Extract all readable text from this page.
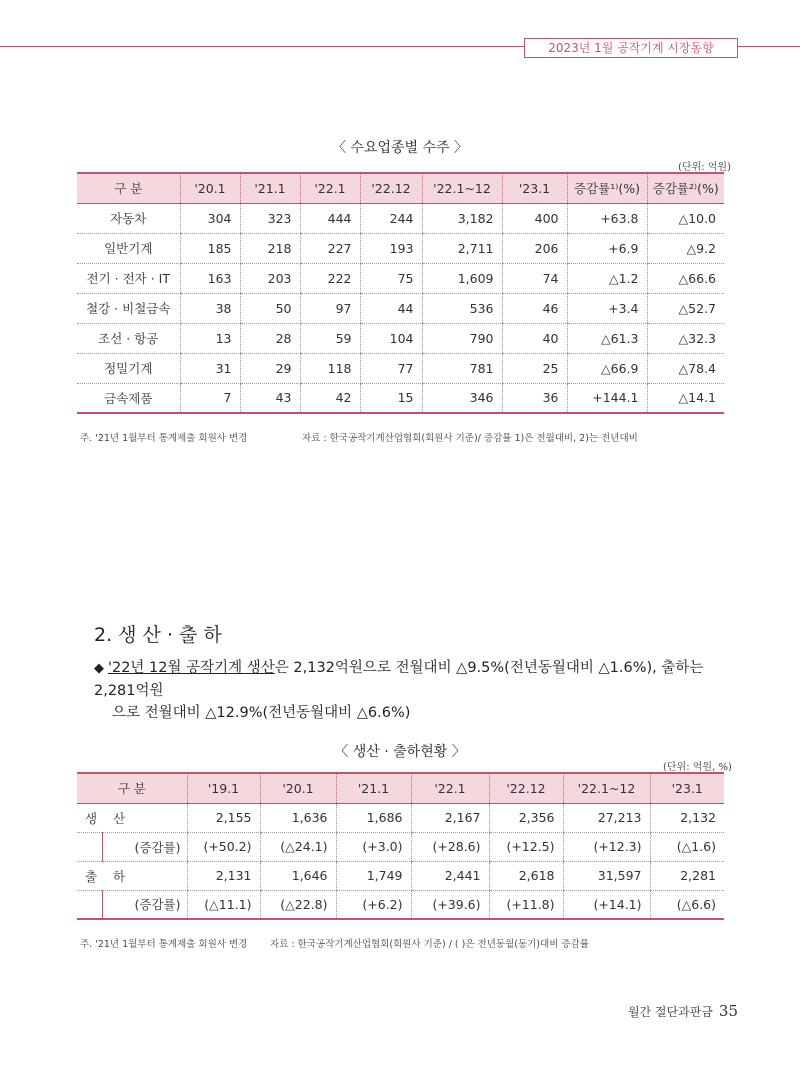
2023년 1월 공작기계 시장동향
〈 수요업종별 수주 〉
(단위: 억원)
구 분	'20.1	'21.1	'22.1	'22.12	'22.1~12	'23.1	증감률¹⁾(%)	증감률²⁾(%)
자동차	304	323	444	244	3,182	400	+63.8	△10.0
일반기계	185	218	227	193	2,711	206	+6.9	△9.2
전기 · 전자 · IT	163	203	222	75	1,609	74	△1.2	△66.6
철강 · 비철금속	38	50	97	44	536	46	+3.4	△52.7
조선 · 항공	13	28	59	104	790	40	△61.3	△32.3
정밀기계	31	29	118	77	781	25	△66.9	△78.4
금속제품	7	43	42	15	346	36	+144.1	△14.1
주. '21년 1월부터 통계제출 회원사 변경	자료 : 한국공작기계산업협회(회원사 기준)/ 증감률 1)은 전월대비, 2)는 전년대비
2. 생 산 · 출 하
◆ '22년 12월 공작기계 생산은 2,132억원으로 전월대비 △9.5%(전년동월대비 △1.6%), 출하는 2,281억원
으로 전월대비 △12.9%(전년동월대비 △6.6%)
〈 생산 · 출하현황 〉
(단위: 억원, %)
구 분		'19.1	'20.1	'21.1	'22.1	'22.12	'22.1~12	'23.1
생 산		2,155	1,636	1,686	2,167	2,356	27,213	2,132
	(증감률)	(+50.2)	(△24.1)	(+3.0)	(+28.6)	(+12.5)	(+12.3)	(△1.6)
출 하		2,131	1,646	1,749	2,441	2,618	31,597	2,281
	(증감률)	(△11.1)	(△22.8)	(+6.2)	(+39.6)	(+11.8)	(+14.1)	(△6.6)
주. '21년 1월부터 통계제출 회원사 변경 자료 : 한국공작기계산업협회(회원사 기준) / ( )은 전년동월(동기)대비 증감률
월간 절단과판금 35
